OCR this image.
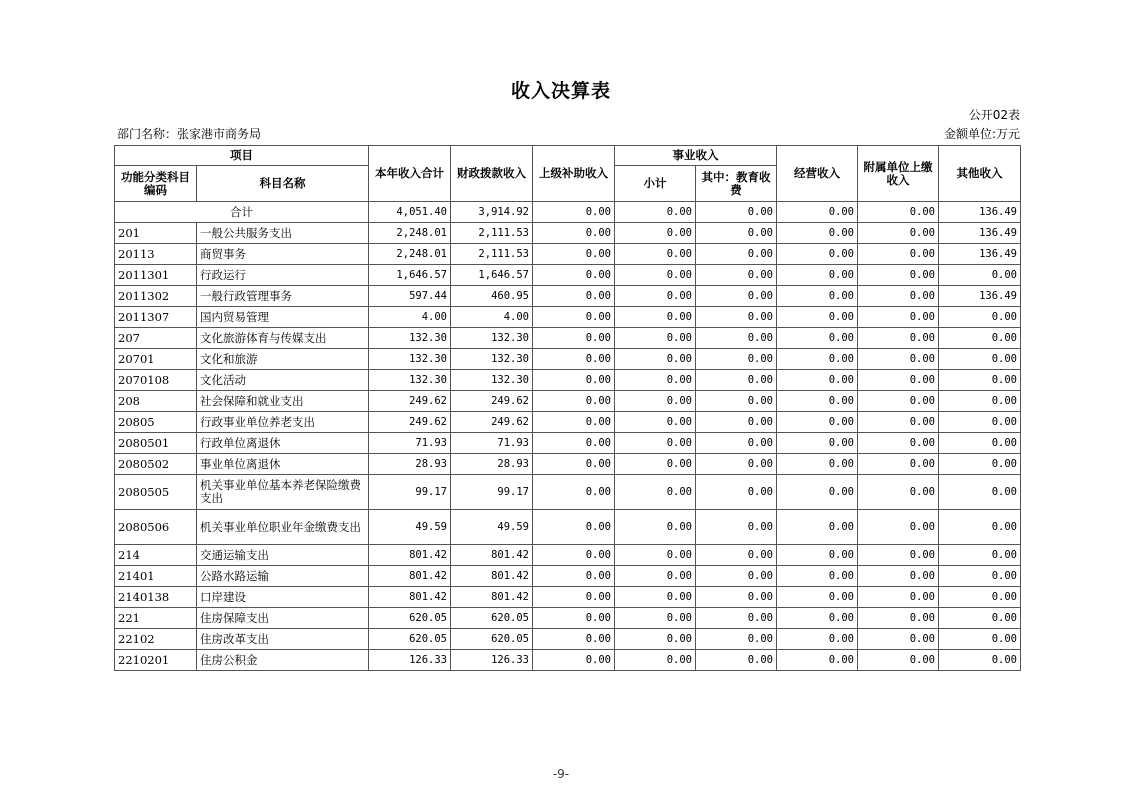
收入决算表
公开02表
部门名称：张家港市商务局	金额单位:万元
项目		本年收入合计	财政拨款收入	上级补助收入	事业收入		经营收入	附属单位上缴收入	其他收入
功能分类科目编码	科目名称				小计	其中：教育收费			
合计		4,051.40	3,914.92	0.00	0.00	0.00	0.00	0.00	136.49
201	一般公共服务支出	2,248.01	2,111.53	0.00	0.00	0.00	0.00	0.00	136.49
20113	商贸事务	2,248.01	2,111.53	0.00	0.00	0.00	0.00	0.00	136.49
2011301	行政运行	1,646.57	1,646.57	0.00	0.00	0.00	0.00	0.00	0.00
2011302	一般行政管理事务	597.44	460.95	0.00	0.00	0.00	0.00	0.00	136.49
2011307	国内贸易管理	4.00	4.00	0.00	0.00	0.00	0.00	0.00	0.00
207	文化旅游体育与传媒支出	132.30	132.30	0.00	0.00	0.00	0.00	0.00	0.00
20701	文化和旅游	132.30	132.30	0.00	0.00	0.00	0.00	0.00	0.00
2070108	文化活动	132.30	132.30	0.00	0.00	0.00	0.00	0.00	0.00
208	社会保障和就业支出	249.62	249.62	0.00	0.00	0.00	0.00	0.00	0.00
20805	行政事业单位养老支出	249.62	249.62	0.00	0.00	0.00	0.00	0.00	0.00
2080501	行政单位离退休	71.93	71.93	0.00	0.00	0.00	0.00	0.00	0.00
2080502	事业单位离退休	28.93	28.93	0.00	0.00	0.00	0.00	0.00	0.00
2080505	机关事业单位基本养老保险缴费支出	99.17	99.17	0.00	0.00	0.00	0.00	0.00	0.00
2080506	机关事业单位职业年金缴费支出	49.59	49.59	0.00	0.00	0.00	0.00	0.00	0.00
214	交通运输支出	801.42	801.42	0.00	0.00	0.00	0.00	0.00	0.00
21401	公路水路运输	801.42	801.42	0.00	0.00	0.00	0.00	0.00	0.00
2140138	口岸建设	801.42	801.42	0.00	0.00	0.00	0.00	0.00	0.00
221	住房保障支出	620.05	620.05	0.00	0.00	0.00	0.00	0.00	0.00
22102	住房改革支出	620.05	620.05	0.00	0.00	0.00	0.00	0.00	0.00
2210201	住房公积金	126.33	126.33	0.00	0.00	0.00	0.00	0.00	0.00
-9-
